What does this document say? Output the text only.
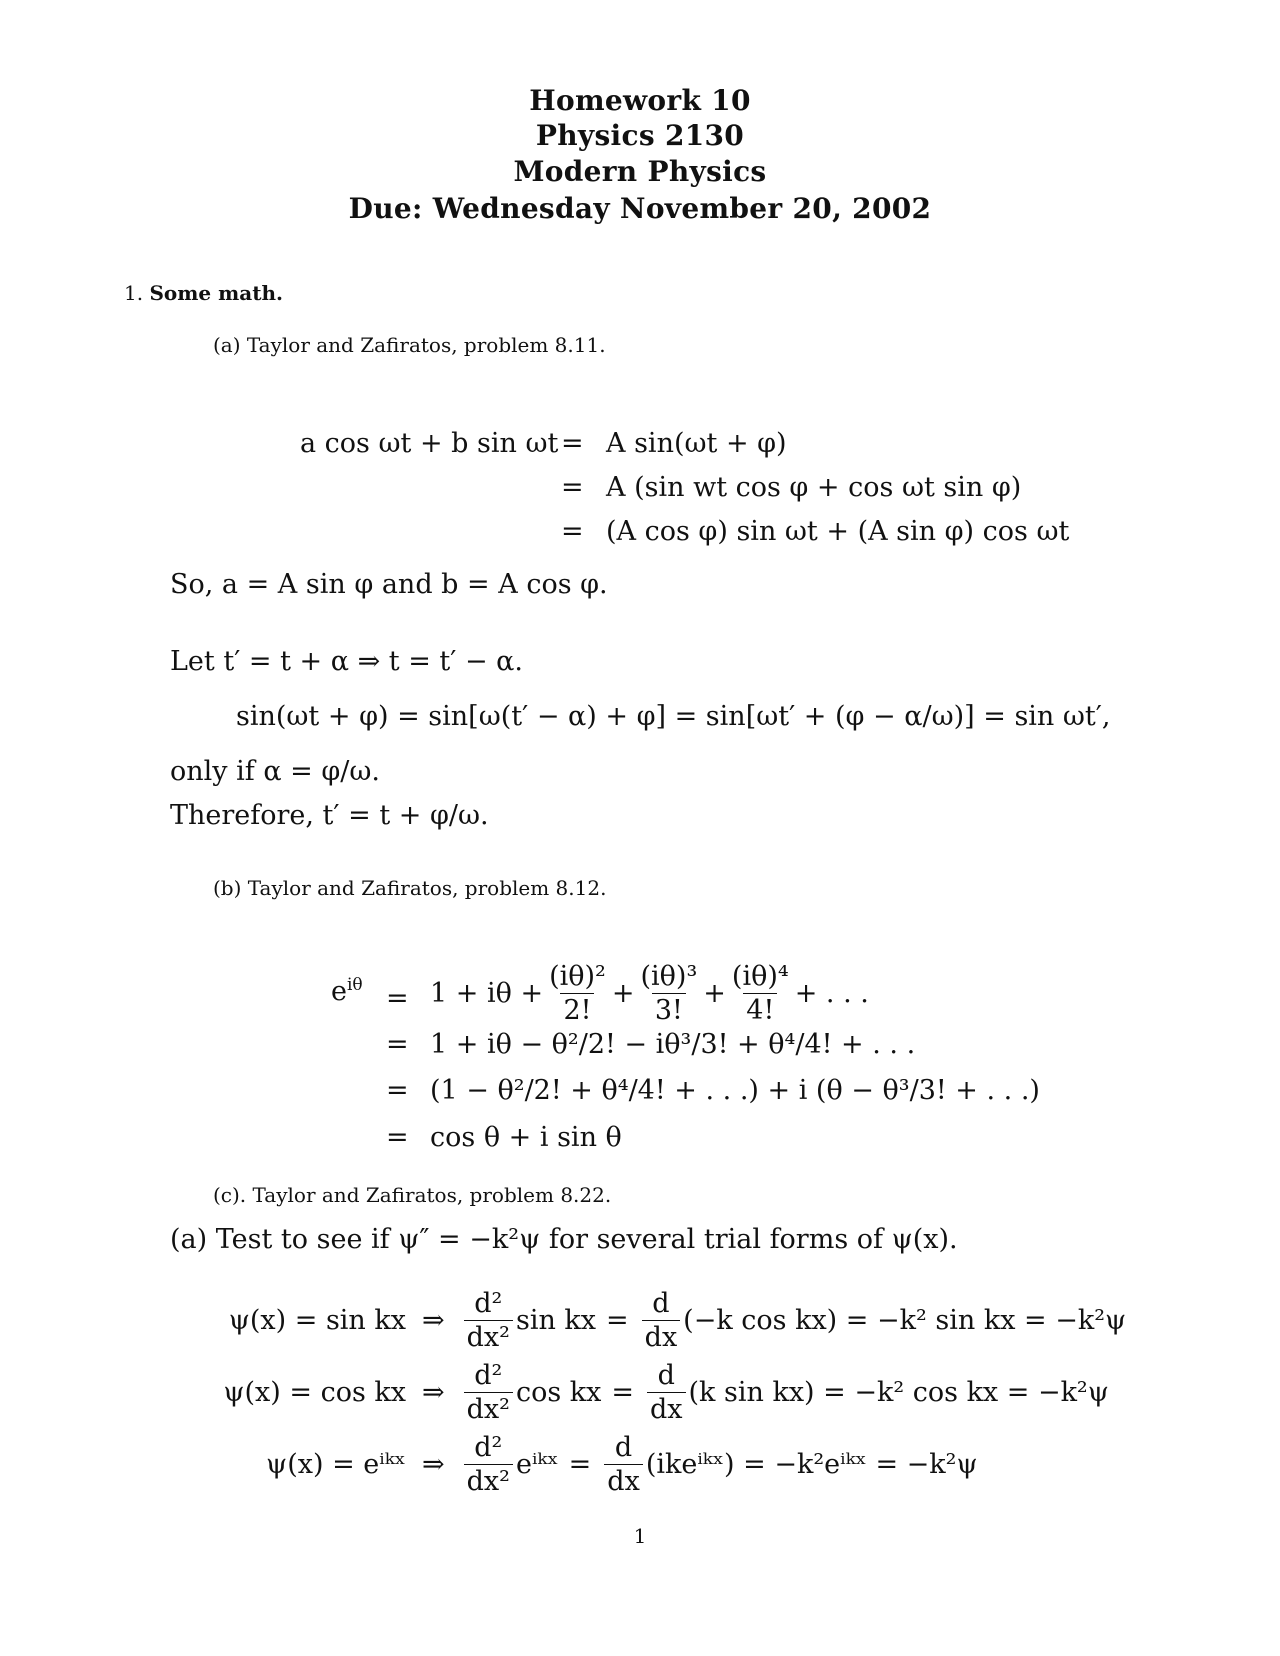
Homework 10
Physics 2130
Modern Physics
Due: Wednesday November 20, 2002
1. Some math.
(a) Taylor and Zafiratos, problem 8.11.
a cos ωt + b sin ωt = A sin(ωt + φ)
= A (sin wt cos φ + cos ωt sin φ)
= (A cos φ) sin ωt + (A sin φ) cos ωt
So, a = A sin φ and b = A cos φ.
Let t′ = t + α ⇒ t = t′ − α.
sin(ωt + φ) = sin[ω(t′ − α) + φ] = sin[ωt′ + (φ − α/ω)] = sin ωt′,
only if α = φ/ω.
Therefore, t′ = t + φ/ω.
(b) Taylor and Zafiratos, problem 8.12.
$e^{i\theta} = 1 + i\theta + \frac{\text{(iθ)²}}{2!} + \frac{\text{(iθ)³}}{3!} + \frac{\text{(iθ)⁴}}{4!}$ + . . .
= 1 + iθ − θ²/2! − iθ³/3! + θ⁴/4! + . . .
= (1 − θ²/2! + θ⁴/4! + . . .) + i (θ − θ³/3! + . . .)
= cos θ + i sin θ
(c). Taylor and Zafiratos, problem 8.22.
(a) Test to see if ψ″ = −k²ψ for several trial forms of ψ(x).
ψ(x) = sin kx ⇒ $\frac{\text{d²}}{\text{dx²}}$ sin kx = $\frac{d}{dx} (-k$ cos kx) = −k² sin kx = −k²ψ
ψ(x) = cos kx ⇒ $\frac{\text{d²}}{\text{dx²}}$ cos kx = $\frac{d}{dx} (k$ sin kx) = −k² cos kx = −k²ψ
ψ(x) = eⁱᵏˣ ⇒ $\frac{\text{d²}}{\text{dx²}}$ eⁱᵏˣ = $\frac{d}{dx}$ (ikeⁱᵏˣ) = −k²eⁱᵏˣ = −k²ψ
1
